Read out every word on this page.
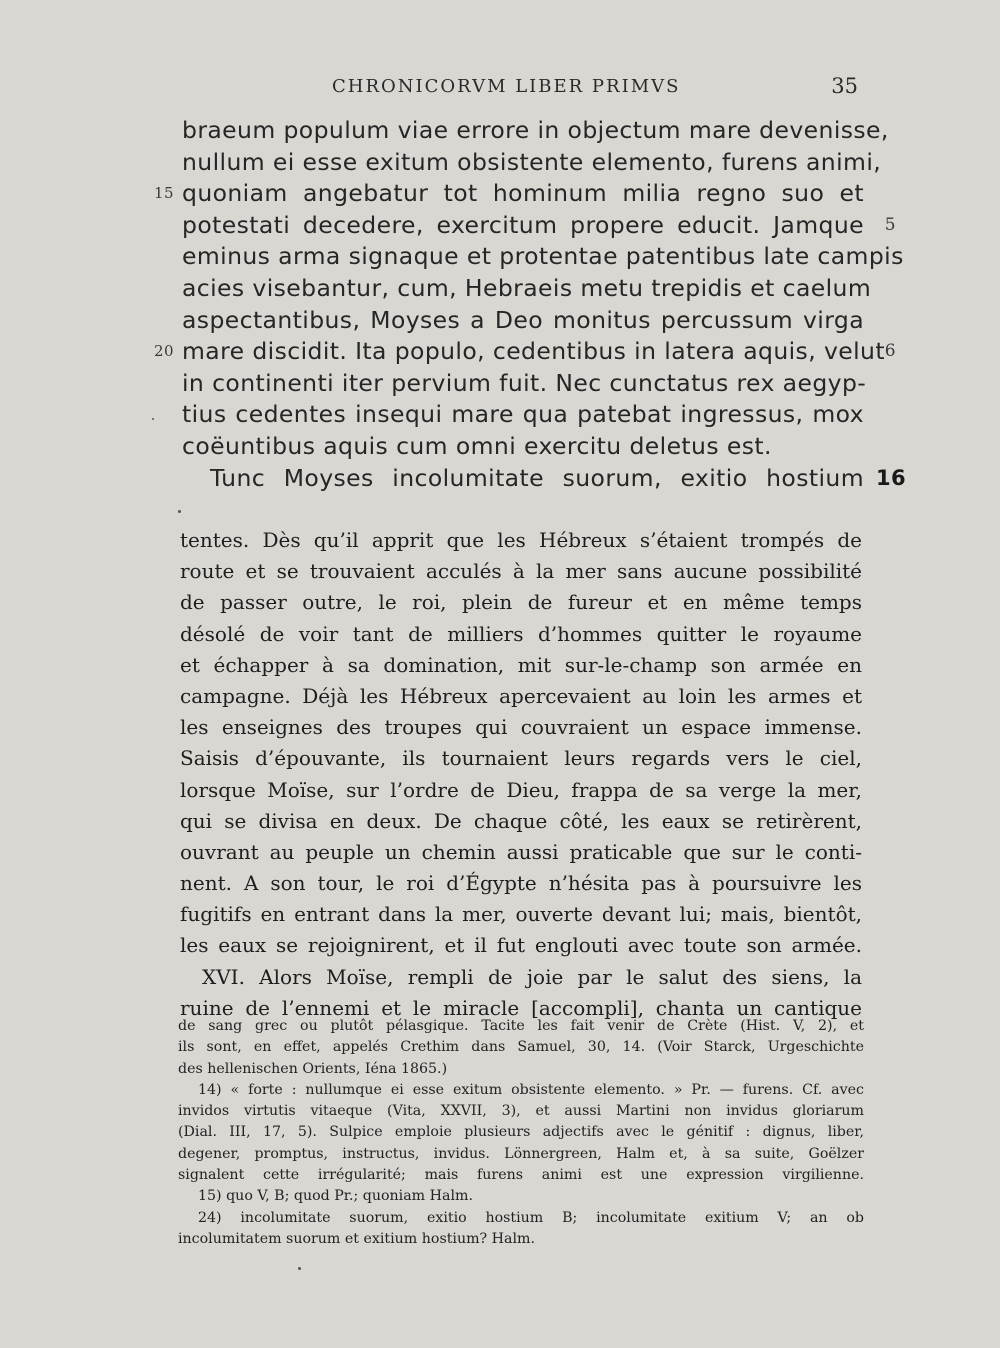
CHRONICORVM LIBER PRIMVS	35
braeum populum viae errore in objectum mare devenisse,
nullum ei esse exitum obsistente elemento, furens animi,
15 quoniam angebatur tot hominum milia regno suo et
potestati decedere, exercitum propere educit. Jamque 5
eminus arma signaque et protentae patentibus late campis
acies visebantur, cum, Hebraeis metu trepidis et caelum
aspectantibus, Moyses a Deo monitus percussum virga
20 mare discidit. Ita populo, cedentibus in latera aquis, velut 6
in continenti iter pervium fuit. Nec cunctatus rex aegyp-
tius cedentes insequi mare qua patebat ingressus, mox
coëuntibus aquis cum omni exercitu deletus est.
Tunc Moyses incolumitate suorum, exitio hostium 16
tentes. Dès qu’il apprit que les Hébreux s’étaient trompés de
route et se trouvaient acculés à la mer sans aucune possibilité
de passer outre, le roi, plein de fureur et en même temps
désolé de voir tant de milliers d’hommes quitter le royaume
et échapper à sa domination, mit sur-le-champ son armée en
campagne. Déjà les Hébreux apercevaient au loin les armes et
les enseignes des troupes qui couvraient un espace immense.
Saisis d’épouvante, ils tournaient leurs regards vers le ciel,
lorsque Moïse, sur l’ordre de Dieu, frappa de sa verge la mer,
qui se divisa en deux. De chaque côté, les eaux se retirèrent,
ouvrant au peuple un chemin aussi praticable que sur le conti-
nent. A son tour, le roi d’Égypte n’hésita pas à poursuivre les
fugitifs en entrant dans la mer, ouverte devant lui; mais, bientôt,
les eaux se rejoignirent, et il fut englouti avec toute son armée.
XVI. Alors Moïse, rempli de joie par le salut des siens, la
ruine de l’ennemi et le miracle [accompli], chanta un cantique
de sang grec ou plutôt pélasgique. Tacite les fait venir de Crète (Hist. V, 2), et
ils sont, en effet, appelés Crethim dans Samuel, 30, 14. (Voir Starck, Urgeschichte
des hellenischen Orients, Iéna 1865.)
14) « forte : nullumque ei esse exitum obsistente elemento. » Pr. — furens. Cf. avec
invidos virtutis vitaeque (Vita, XXVII, 3), et aussi Martini non invidus gloriarum
(Dial. III, 17, 5). Sulpice emploie plusieurs adjectifs avec le génitif : dignus, liber,
degener, promptus, instructus, invidus. Lönnergreen, Halm et, à sa suite, Goëlzer
signalent cette irrégularité; mais furens animi est une expression virgilienne.
15) quo V, B; quod Pr.; quoniam Halm.
24) incolumitate suorum, exitio hostium B; incolumitate exitium V; an ob
incolumitatem suorum et exitium hostium? Halm.
